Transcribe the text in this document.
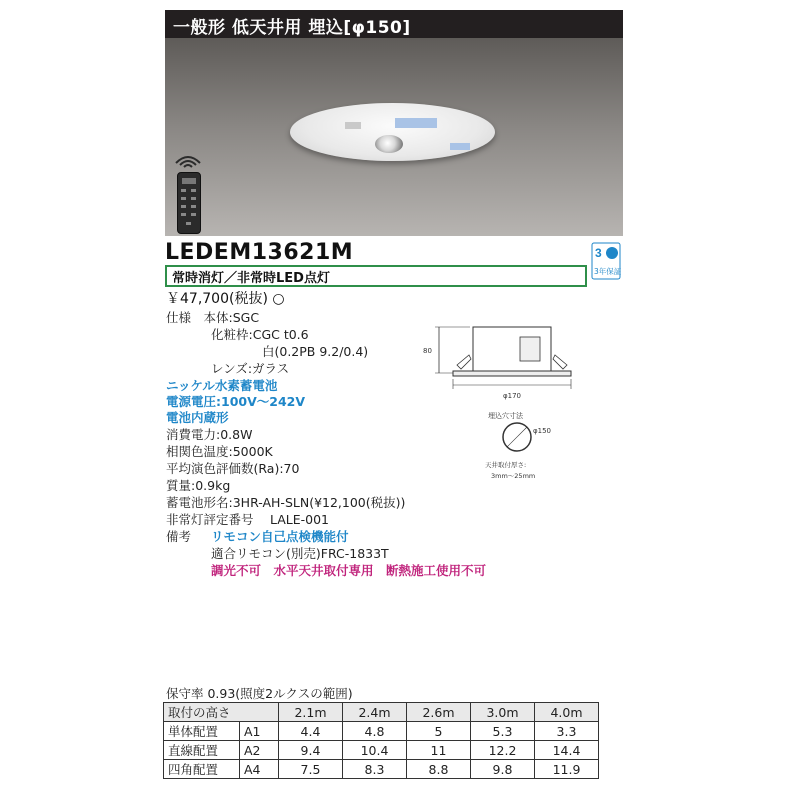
一般形 低天井用 埋込[φ150]
LEDEM13621M	3
3年保証
常時消灯／非常時LED点灯
￥47,700(税抜) ○
仕様　本体:SGC
化粧枠:CGC t0.6
白(0.2PB 9.2/0.4)
レンズ:ガラス
ニッケル水素蓄電池
電源電圧:100V〜242V
電池内蔵形
消費電力:0.8W
相関色温度:5000K
平均演色評価数(Ra):70
質量:0.9kg
蓄電池形名:3HR-AH-SLN(¥12,100(税抜))
非常灯評定番号　 LALE-001
備考 リモコン自己点検機能付
適合リモコン(別売)FRC-1833T
調光不可　水平天井取付専用　断熱施工使用不可
80
φ170
埋込穴寸法
φ150
天井取付厚さ:
3mm〜25mm
保守率 0.93(照度2ルクスの範囲)
取付の高さ		2.1m	2.4m	2.6m	3.0m	4.0m
単体配置	A1	4.4	4.8	5	5.3	3.3
直線配置	A2	9.4	10.4	11	12.2	14.4
四角配置	A4	7.5	8.3	8.8	9.8	11.9
